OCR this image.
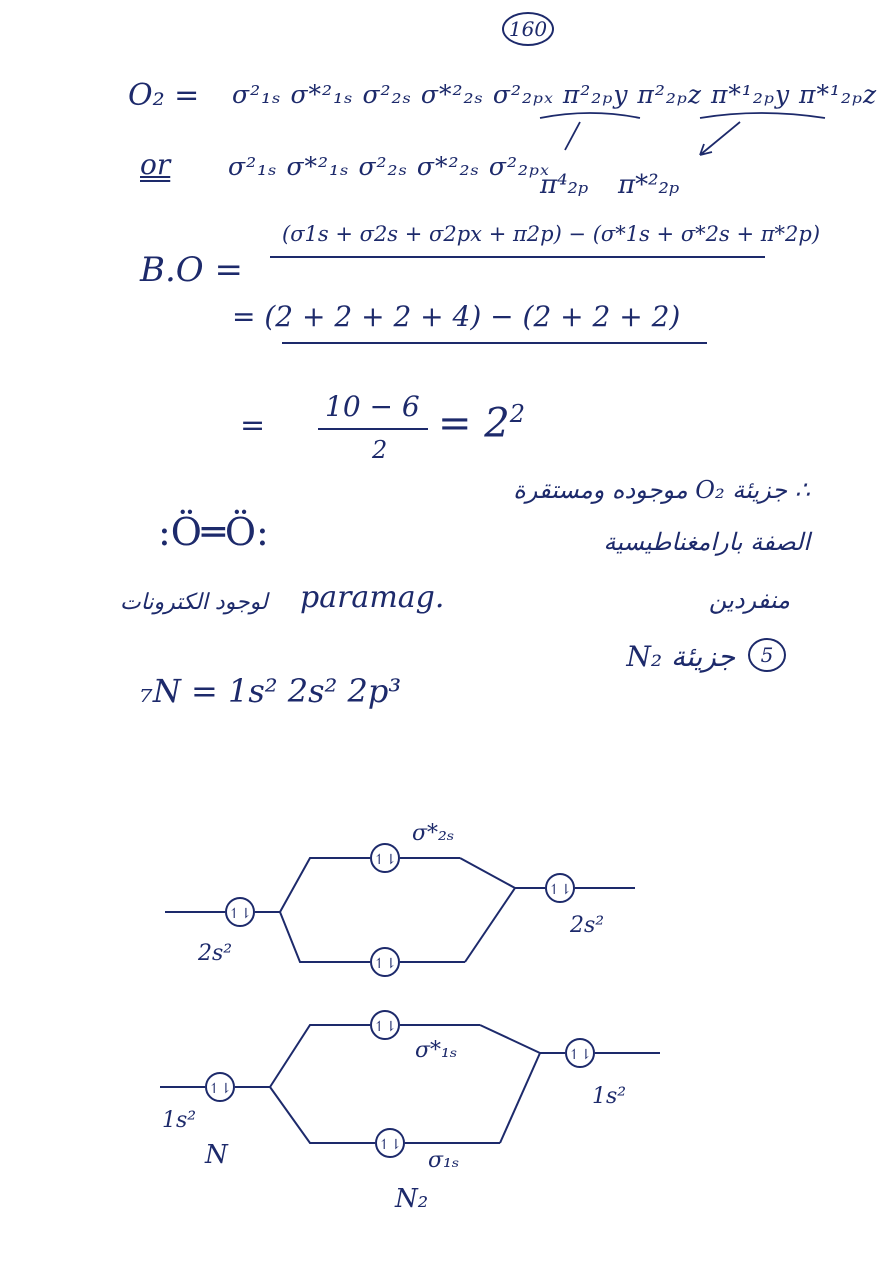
160
O₂ = σ²₁ₛ σ*²₁ₛ σ²₂ₛ σ*²₂ₛ σ²₂ₚₓ π²₂ₚy π²₂ₚz π*¹₂ₚy π*¹₂ₚz
or σ²₁ₛ σ*²₁ₛ σ²₂ₛ σ*²₂ₛ σ²₂ₚₓ
π⁴₂ₚ π*²₂ₚ
B.O =
(σ1s + σ2s + σ2px + π2p) − (σ*1s + σ*2s + π*2p)
= (2 + 2 + 2 + 4) − (2 + 2 + 2)
=
10 − 6
2
= $2^2$
:Ö═Ö:
∴ جزيئة O₂ موجوده ومستقرة
الصفة بارامغناطيسية
paramag.
لوجود الكترونات	منفردين
5
N₂ جزيئة
₇N = 1s² 2s² 2p³
↿⇂
↿⇂
↿⇂
↿⇂
σ*₂ₛ
2s²
2s²
↿⇂
↿⇂
↿⇂
↿⇂
σ*₁ₛ
σ₁ₛ
1s²
1s²
N
N₂
